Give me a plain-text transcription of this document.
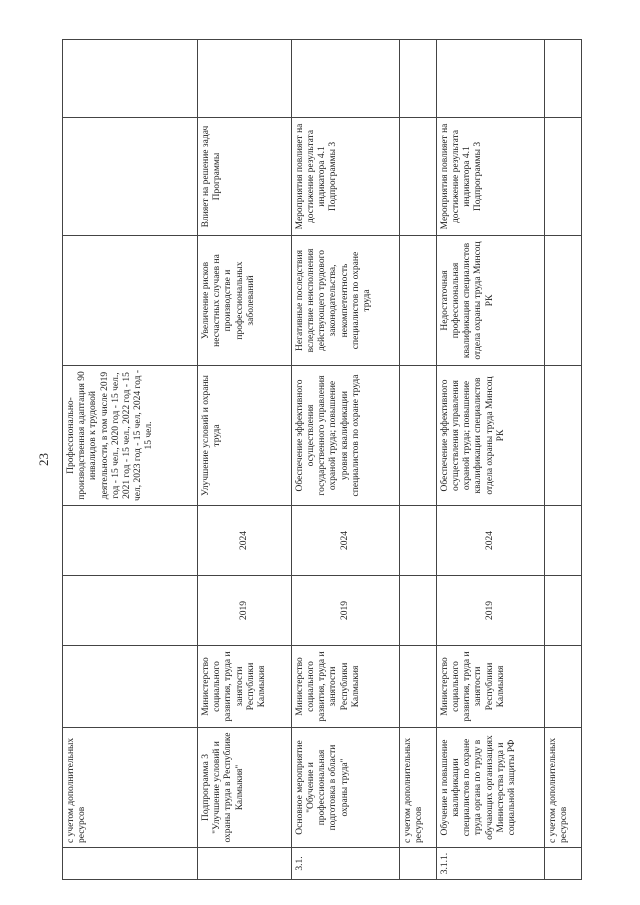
23
	с учетом дополнительных ресурсов				Профессионально-производственная адаптация 90 инвалидов к трудовой деятельности, в том числе 2019 год - 15 чел., 2020 год - 15 чел., 2021 год - 15 чел., 2022 год - 15 чел, 2023 год - 15 чел, 2024 год - 15 чел.			
	Подпрограмма 3 "Улучшение условий и охраны труда в Республике Калмыкия"	Министерство социального развития, труда и занятости Республики Калмыкия	2019	2024	Улучшение условий и охраны труда	Увеличение рисков несчастных случаев на производстве и профессиональных заболеваний	Влияет на решение задач Программы	
3.1.	Основное мероприятие "Обучение и профессиональная подготовка в области охраны труда"	Министерство социального развития, труда и занятости Республики Калмыкия	2019	2024	Обеспечение эффективного осуществления государственного управления охраной труда; повышение уровня квалификации специалистов по охране труда	Негативные последствия вследствие неисполнения действующего трудового законодательства, некомпетентность специалистов по охране труда	Мероприятия повлияет на достижение результата индикатора 4.1 Подпрограммы 3	
	с учетом дополнительных ресурсов							
3.1.1.	Обучение и повышение квалификации специалистов по охране труда органа по труду в обучающих организациях Министерства труда и социальной защиты РФ	Министерство социального развития, труда и занятости Республики Калмыкия	2019	2024	Обеспечение эффективного осуществления управления охраной труда; повышение квалификации специалистов отдела охраны труда Минсоц РК	Недостаточная профессиональная квалификация специалистов отдела охраны труда Минсоц РК	Мероприятия повлияет на достижение результата индикатора 4.1 Подпрограммы 3	
	с учетом дополнительных ресурсов							
